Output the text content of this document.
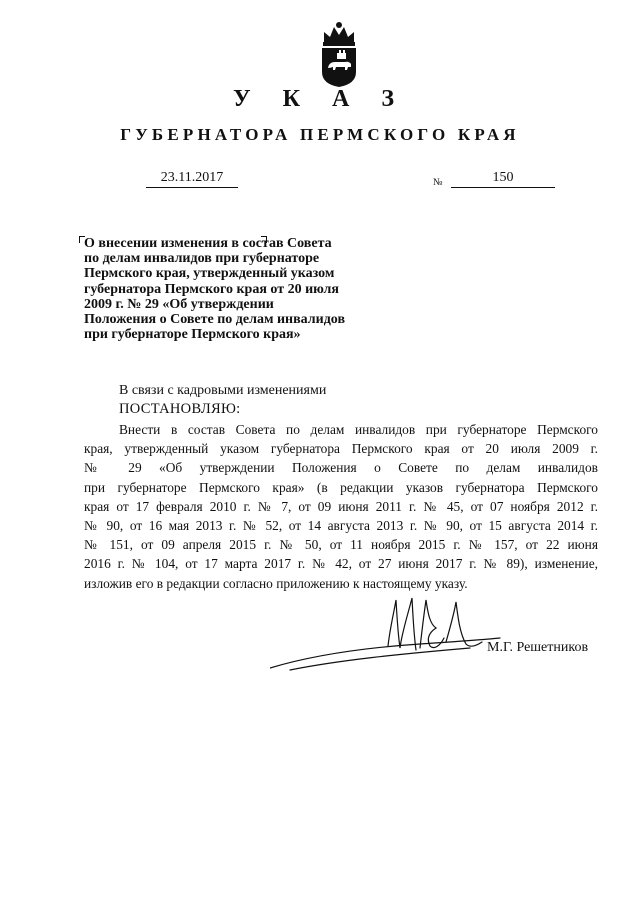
У К А З
ГУБЕРНАТОРА ПЕРМСКОГО КРАЯ
23.11.2017	№	150
О внесении изменения в состав Совета
по делам инвалидов при губернаторе
Пермского края, утвержденный указом
губернатора Пермского края от 20 июля
2009 г. № 29 «Об утверждении
Положения о Совете по делам инвалидов
при губернаторе Пермского края»
В связи с кадровыми изменениями
ПОСТАНОВЛЯЮ:
Внести в состав Совета по делам инвалидов при губернаторе Пермского
края, утвержденный указом губернатора Пермского края от 20 июля 2009 г.
№ 29 «Об утверждении Положения о Совете по делам инвалидов
при губернаторе Пермского края» (в редакции указов губернатора Пермского
края от 17 февраля 2010 г. № 7, от 09 июня 2011 г. № 45, от 07 ноября 2012 г.
№ 90, от 16 мая 2013 г. № 52, от 14 августа 2013 г. № 90, от 15 августа 2014 г.
№ 151, от 09 апреля 2015 г. № 50, от 11 ноября 2015 г. № 157, от 22 июня
2016 г. № 104, от 17 марта 2017 г. № 42, от 27 июня 2017 г. № 89), изменение,
изложив его в редакции согласно приложению к настоящему указу.
М.Г. Решетников
